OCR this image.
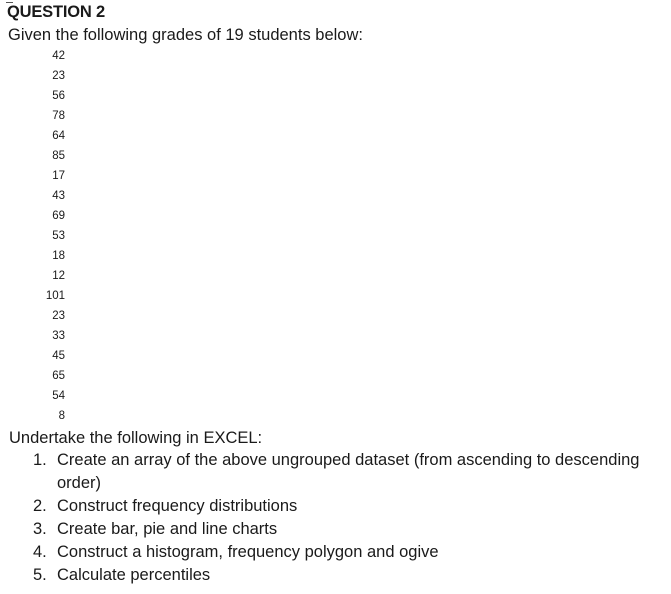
QUESTION 2
Given the following grades of 19 students below:
42
23
56
78
64
85
17
43
69
53
18
12
101
23
33
45
65
54
8
Undertake the following in EXCEL:
1. Create an array of the above ungrouped dataset (from ascending to descending order)
2. Construct frequency distributions
3. Create bar, pie and line charts
4. Construct a histogram, frequency polygon and ogive
5. Calculate percentiles
